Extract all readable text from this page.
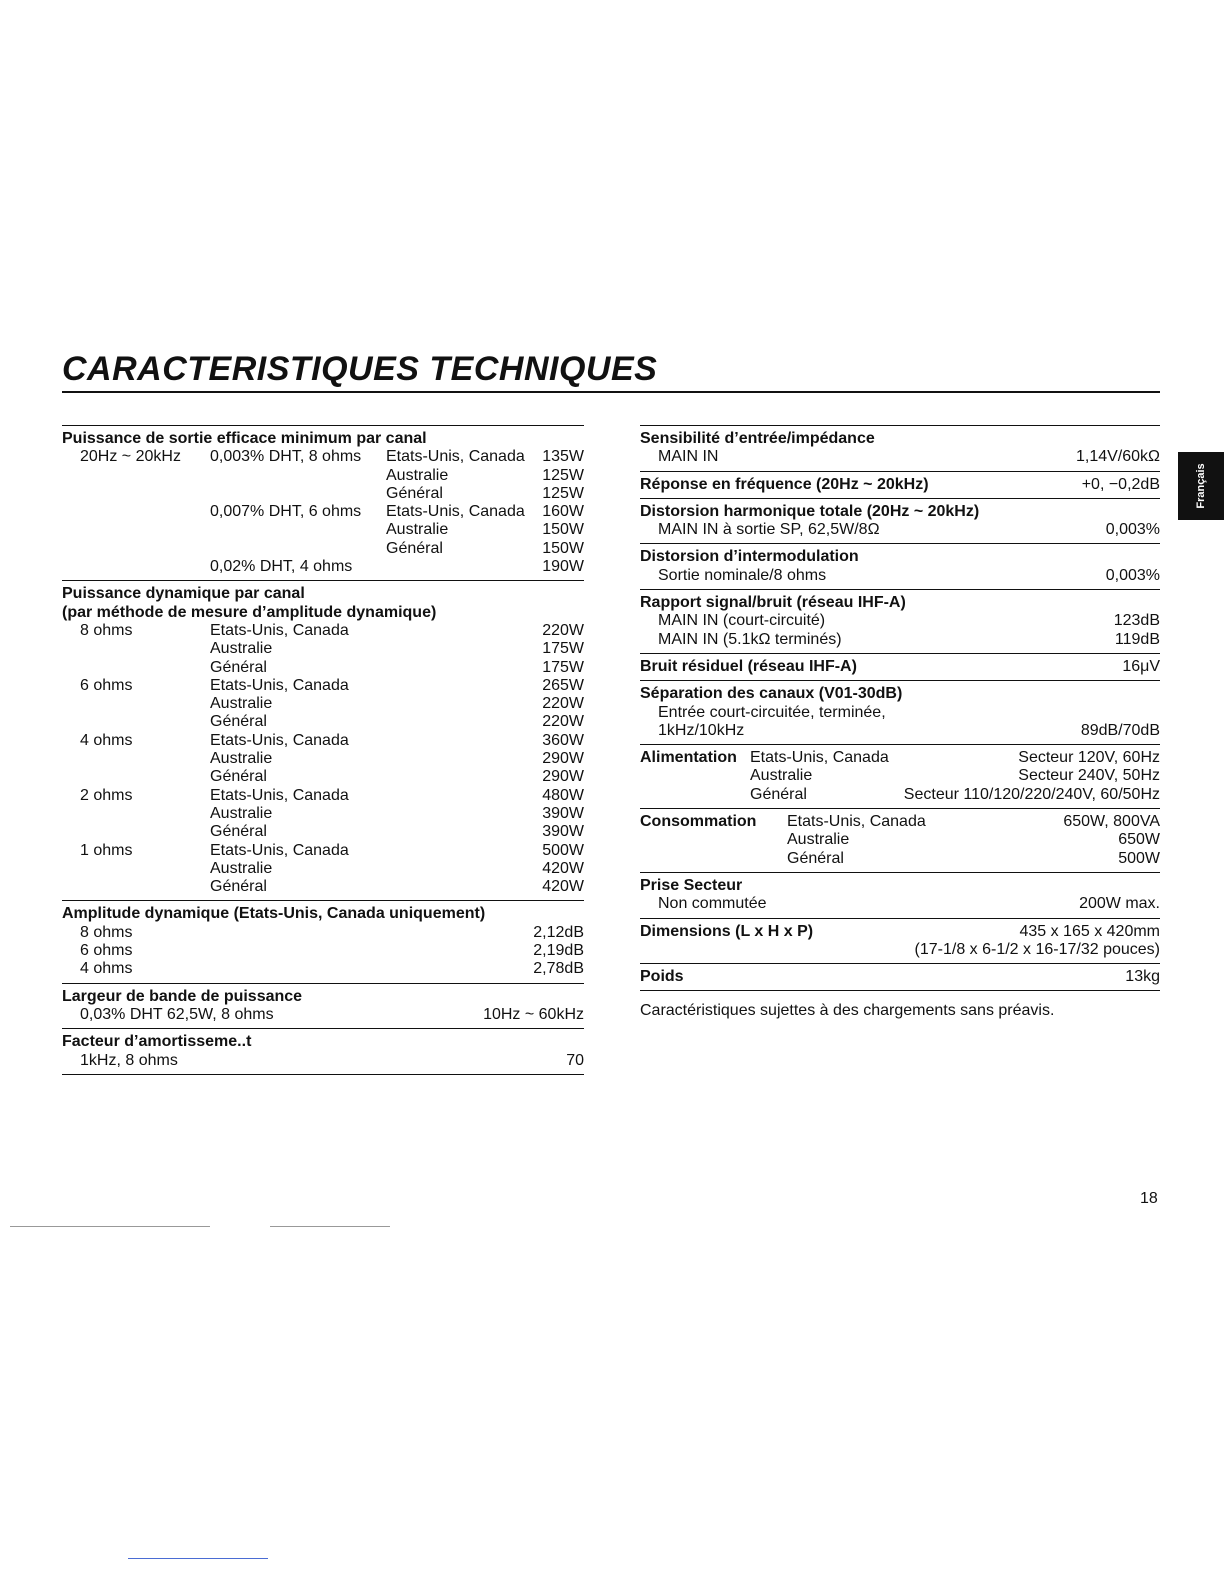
CARACTERISTIQUES TECHNIQUES
Puissance de sortie efficace minimum par canal
20Hz ~ 20kHz	0,003% DHT, 8 ohms	Etats-Unis, Canada	135W
Australie	125W
Général	125W
0,007% DHT, 6 ohms	Etats-Unis, Canada	160W
Australie	150W
Général	150W
0,02% DHT, 4 ohms	190W
Puissance dynamique par canal
(par méthode de mesure d’amplitude dynamique)
8 ohms	Etats-Unis, Canada	220W
Australie	175W
Général	175W
6 ohms	Etats-Unis, Canada	265W
Australie	220W
Général	220W
4 ohms	Etats-Unis, Canada	360W
Australie	290W
Général	290W
2 ohms	Etats-Unis, Canada	480W
Australie	390W
Général	390W
1 ohms	Etats-Unis, Canada	500W
Australie	420W
Général	420W
Amplitude dynamique (Etats-Unis, Canada uniquement)
8 ohms	2,12dB
6 ohms	2,19dB
4 ohms	2,78dB
Largeur de bande de puissance
0,03% DHT 62,5W, 8 ohms	10Hz ~ 60kHz
Facteur d’amortisseme..t
1kHz, 8 ohms	70
Sensibilité d’entrée/impédance
MAIN IN	1,14V/60kΩ
Réponse en fréquence (20Hz ~ 20kHz)	+0, −0,2dB
Distorsion harmonique totale (20Hz ~ 20kHz)
MAIN IN à sortie SP, 62,5W/8Ω	0,003%
Distorsion d’intermodulation
Sortie nominale/8 ohms	0,003%
Rapport signal/bruit (réseau IHF-A)
MAIN IN (court-circuité)	123dB
MAIN IN (5.1kΩ terminés)	119dB
Bruit résiduel (réseau IHF-A)	16μV
Séparation des canaux (V01-30dB)
Entrée court-circuitée, terminée,
1kHz/10kHz	89dB/70dB
Alimentation Etats-Unis, Canada	Secteur 120V, 60Hz
Australie	Secteur 240V, 50Hz
Général	Secteur 110/120/220/240V, 60/50Hz
Consommation	Etats-Unis, Canada	650W, 800VA
Australie	650W
Général	500W
Prise Secteur
Non commutée	200W max.
Dimensions (L x H x P)	435 x 165 x 420mm
(17-1/8 x 6-1/2 x 16-17/32 pouces)
Poids	13kg
Caractéristiques sujettes à des chargements sans préavis.
Français
18
